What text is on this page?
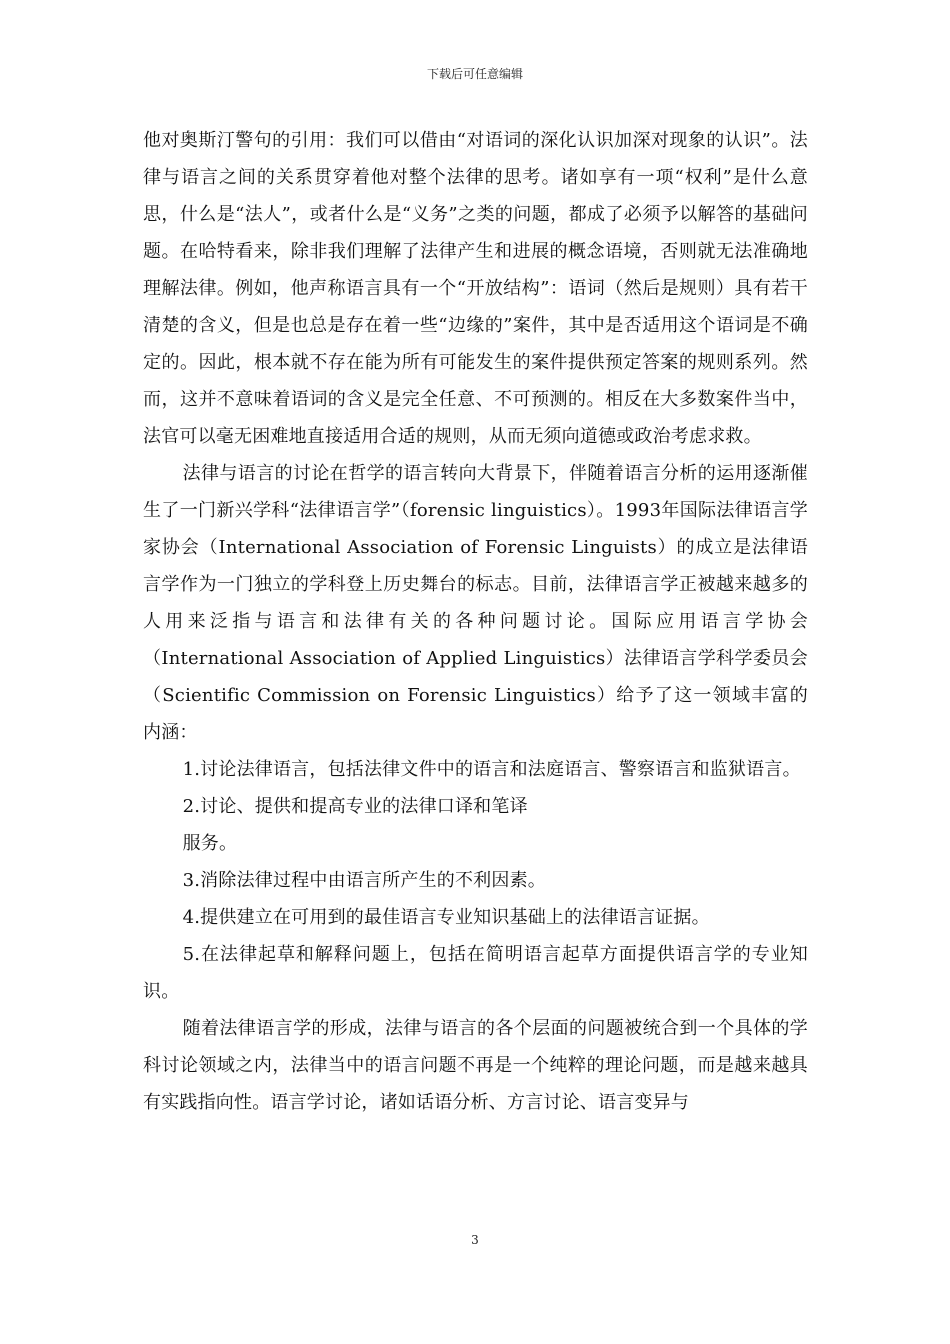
下载后可任意编辑

他对奥斯汀警句的引用：我们可以借由“对语词的深化认识加深对现象的认识”。法律与语言之间的关系贯穿着他对整个法律的思考。诸如享有一项“权利”是什么意思，什么是“法人”，或者什么是“义务”之类的问题，都成了必须予以解答的基础问题。在哈特看来，除非我们理解了法律产生和进展的概念语境，否则就无法准确地理解法律。例如，他声称语言具有一个“开放结构”：语词（然后是规则）具有若干清楚的含义，但是也总是存在着一些“边缘的”案件，其中是否适用这个语词是不确定的。因此，根本就不存在能为所有可能发生的案件提供预定答案的规则系列。然而，这并不意味着语词的含义是完全任意、不可预测的。相反在大多数案件当中，法官可以毫无困难地直接适用合适的规则，从而无须向道德或政治考虑求救。

法律与语言的讨论在哲学的语言转向大背景下，伴随着语言分析的运用逐渐催生了一门新兴学科“法律语言学”（forensic linguistics）。1993年国际法律语言学家协会（International Association of Forensic Linguists）的成立是法律语言学作为一门独立的学科登上历史舞台的标志。目前，法律语言学正被越来越多的人用来泛指与语言和法律有关的各种问题讨论。国际应用语言学协会（International Association of Applied Linguistics）法律语言学科学委员会（Scientific Commission on Forensic Linguistics）给予了这一领域丰富的内涵：

1.讨论法律语言，包括法律文件中的语言和法庭语言、警察语言和监狱语言。

2.讨论、提供和提高专业的法律口译和笔译

服务。

3.消除法律过程中由语言所产生的不利因素。

4.提供建立在可用到的最佳语言专业知识基础上的法律语言证据。

5.在法律起草和解释问题上，包括在简明语言起草方面提供语言学的专业知识。

随着法律语言学的形成，法律与语言的各个层面的问题被统合到一个具体的学科讨论领域之内，法律当中的语言问题不再是一个纯粹的理论问题，而是越来越具有实践指向性。语言学讨论，诸如话语分析、方言讨论、语言变异与

3
